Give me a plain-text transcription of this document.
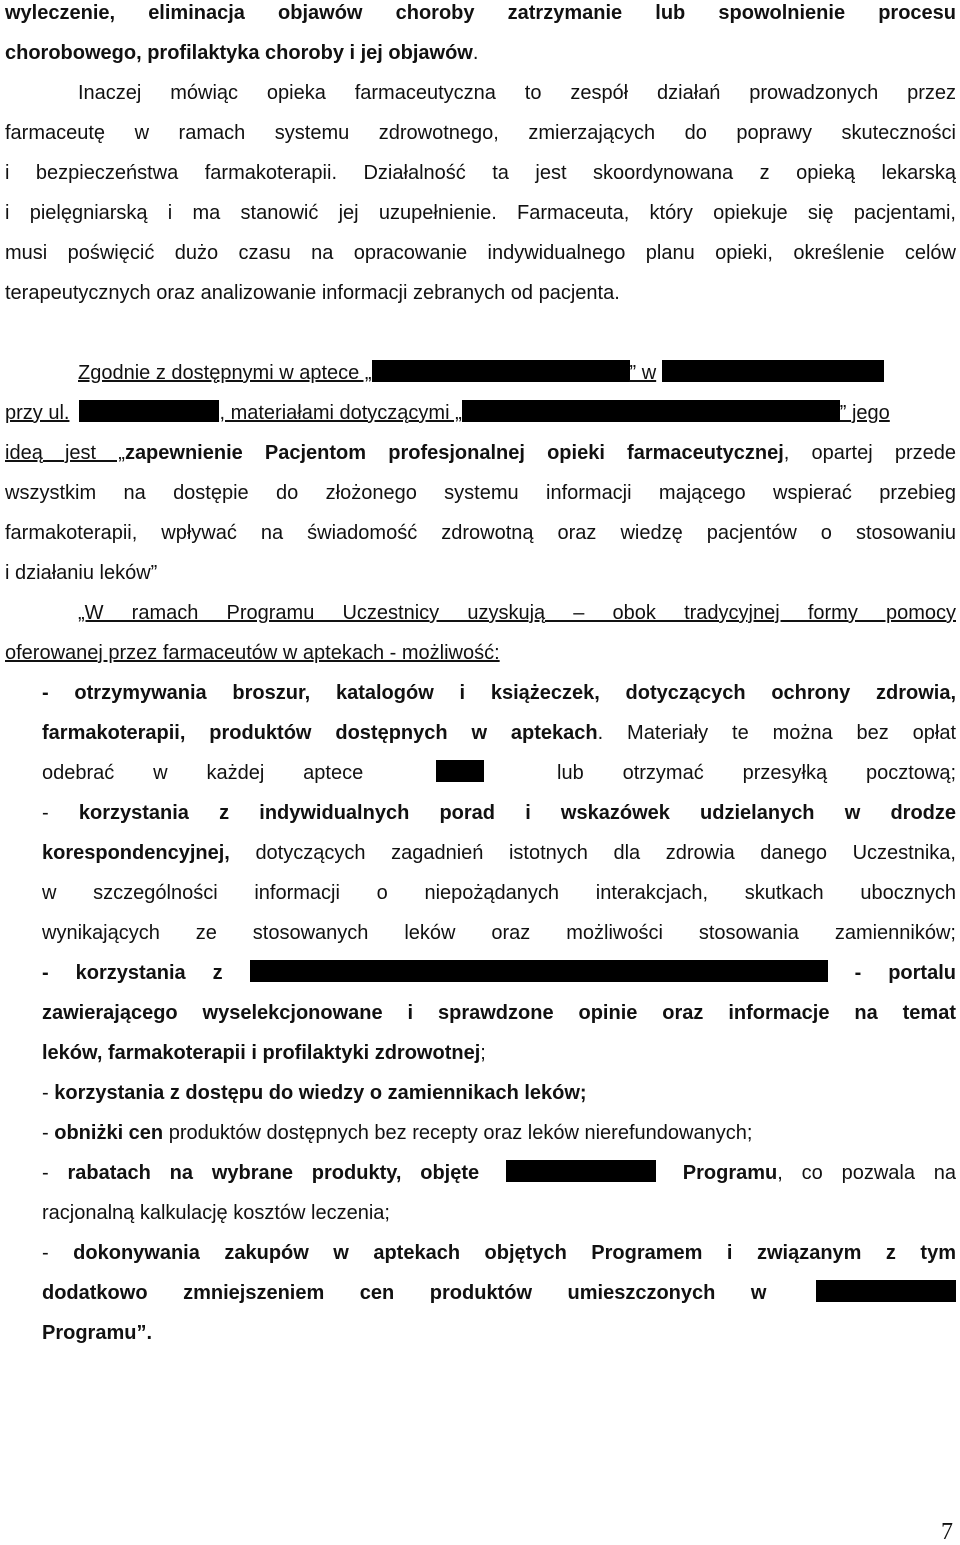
wyleczenie, eliminacja objawów choroby zatrzymanie lub spowolnienie procesu
chorobowego, profilaktyka choroby i jej objawów.
Inaczej mówiąc opieka farmaceutyczna to zespół działań prowadzonych przez
farmaceutę w ramach systemu zdrowotnego, zmierzających do poprawy skuteczności
i bezpieczeństwa farmakoterapii. Działalność ta jest skoordynowana z opieką lekarską
i pielęgniarską i ma stanowić jej uzupełnienie. Farmaceuta, który opiekuje się pacjentami,
musi poświęcić dużo czasu na opracowanie indywidualnego planu opieki, określenie celów
terapeutycznych oraz analizowanie informacji zebranych od pacjenta.
Zgodnie z dostępnymi w aptece „	” w
przy ul.	, materiałami dotyczącymi „	” jego
ideą jest „zapewnienie Pacjentom profesjonalnej opieki farmaceutycznej, opartej przede
wszystkim na dostępie do złożonego systemu informacji mającego wspierać przebieg
farmakoterapii, wpływać na świadomość zdrowotną oraz wiedzę pacjentów o stosowaniu
i działaniu leków”
„W ramach Programu Uczestnicy uzyskują – obok tradycyjnej formy pomocy
oferowanej przez farmaceutów w aptekach - możliwość:
- otrzymywania broszur, katalogów i książeczek, dotyczących ochrony zdrowia,
farmakoterapii, produktów dostępnych w aptekach. Materiały te można bez opłat
odebrać w każdej aptece	lub otrzymać przesyłką pocztową;
- korzystania z indywidualnych porad i wskazówek udzielanych w drodze
korespondencyjnej, dotyczących zagadnień istotnych dla zdrowia danego Uczestnika,
w szczególności informacji o niepożądanych interakcjach, skutkach ubocznych
wynikających ze stosowanych leków oraz możliwości stosowania zamienników;
- korzystania z	- portalu
zawierającego wyselekcjonowane i sprawdzone opinie oraz informacje na temat
leków, farmakoterapii i profilaktyki zdrowotnej;
- korzystania z dostępu do wiedzy o zamiennikach leków;
- obniżki cen produktów dostępnych bez recepty oraz leków nierefundowanych;
- rabatach na wybrane produkty, objęte	Programu, co pozwala na
racjonalną kalkulację kosztów leczenia;
- dokonywania zakupów w aptekach objętych Programem i związanym z tym
dodatkowo zmniejszeniem cen produktów umieszczonych w
Programu”.
7
